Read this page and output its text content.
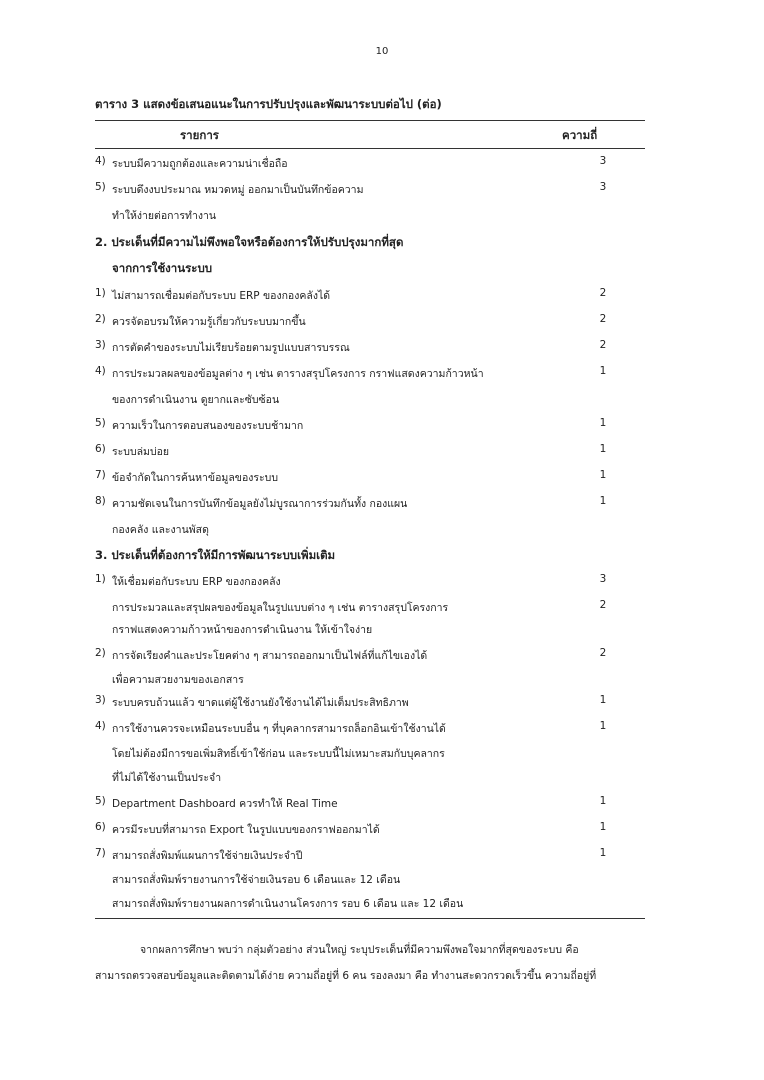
10
ตาราง 3 แสดงข้อเสนอแนะในการปรับปรุงและพัฒนาระบบต่อไป (ต่อ)
รายการ	ความถี่
4) ระบบมีความถูกต้องและความน่าเชื่อถือ	3
5) ระบบดึงงบประมาณ หมวดหมู่ ออกมาเป็นบันทึกข้อความ	3
ทำให้ง่ายต่อการทำงาน
2. ประเด็นที่มีความไม่พึงพอใจหรือต้องการให้ปรับปรุงมากที่สุด
จากการใช้งานระบบ
1) ไม่สามารถเชื่อมต่อกับระบบ ERP ของกองคลังได้	2
2) ควรจัดอบรมให้ความรู้เกี่ยวกับระบบมากขึ้น	2
3) การตัดคำของระบบไม่เรียบร้อยตามรูปแบบสารบรรณ	2
4) การประมวลผลของข้อมูลต่าง ๆ เช่น ตารางสรุปโครงการ กราฟแสดงความก้าวหน้า	1
ของการดำเนินงาน ดูยากและซับซ้อน
5) ความเร็วในการตอบสนองของระบบช้ามาก	1
6) ระบบล่มบ่อย	1
7) ข้อจำกัดในการค้นหาข้อมูลของระบบ	1
8) ความชัดเจนในการบันทึกข้อมูลยังไม่บูรณาการร่วมกันทั้ง กองแผน	1
กองคลัง และงานพัสดุ
3. ประเด็นที่ต้องการให้มีการพัฒนาระบบเพิ่มเติม
1) ให้เชื่อมต่อกับระบบ ERP ของกองคลัง	3
การประมวลและสรุปผลของข้อมูลในรูปแบบต่าง ๆ เช่น ตารางสรุปโครงการ	2
กราฟแสดงความก้าวหน้าของการดำเนินงาน ให้เข้าใจง่าย
2) การจัดเรียงคำและประโยคต่าง ๆ สามารถออกมาเป็นไฟล์ที่แก้ไขเองได้	2
เพื่อความสวยงามของเอกสาร
3) ระบบครบถ้วนแล้ว ขาดแต่ผู้ใช้งานยังใช้งานได้ไม่เต็มประสิทธิภาพ	1
4) การใช้งานควรจะเหมือนระบบอื่น ๆ ที่บุคลากรสามารถล็อกอินเข้าใช้งานได้	1
โดยไม่ต้องมีการขอเพิ่มสิทธิ์เข้าใช้ก่อน และระบบนี้ไม่เหมาะสมกับบุคลากร
ที่ไม่ได้ใช้งานเป็นประจำ
5) Department Dashboard ควรทำให้ Real Time	1
6) ควรมีระบบที่สามารถ Export ในรูปแบบของกราฟออกมาได้	1
7) สามารถสั่งพิมพ์แผนการใช้จ่ายเงินประจำปี	1
สามารถสั่งพิมพ์รายงานการใช้จ่ายเงินรอบ 6 เดือนและ 12 เดือน
สามารถสั่งพิมพ์รายงานผลการดำเนินงานโครงการ รอบ 6 เดือน และ 12 เดือน
จากผลการศึกษา พบว่า กลุ่มตัวอย่าง ส่วนใหญ่ ระบุประเด็นที่มีความพึงพอใจมากที่สุดของระบบ คือ
สามารถตรวจสอบข้อมูลและติดตามได้ง่าย ความถี่อยู่ที่ 6 คน รองลงมา คือ ทำงานสะดวกรวดเร็วขึ้น ความถี่อยู่ที่
